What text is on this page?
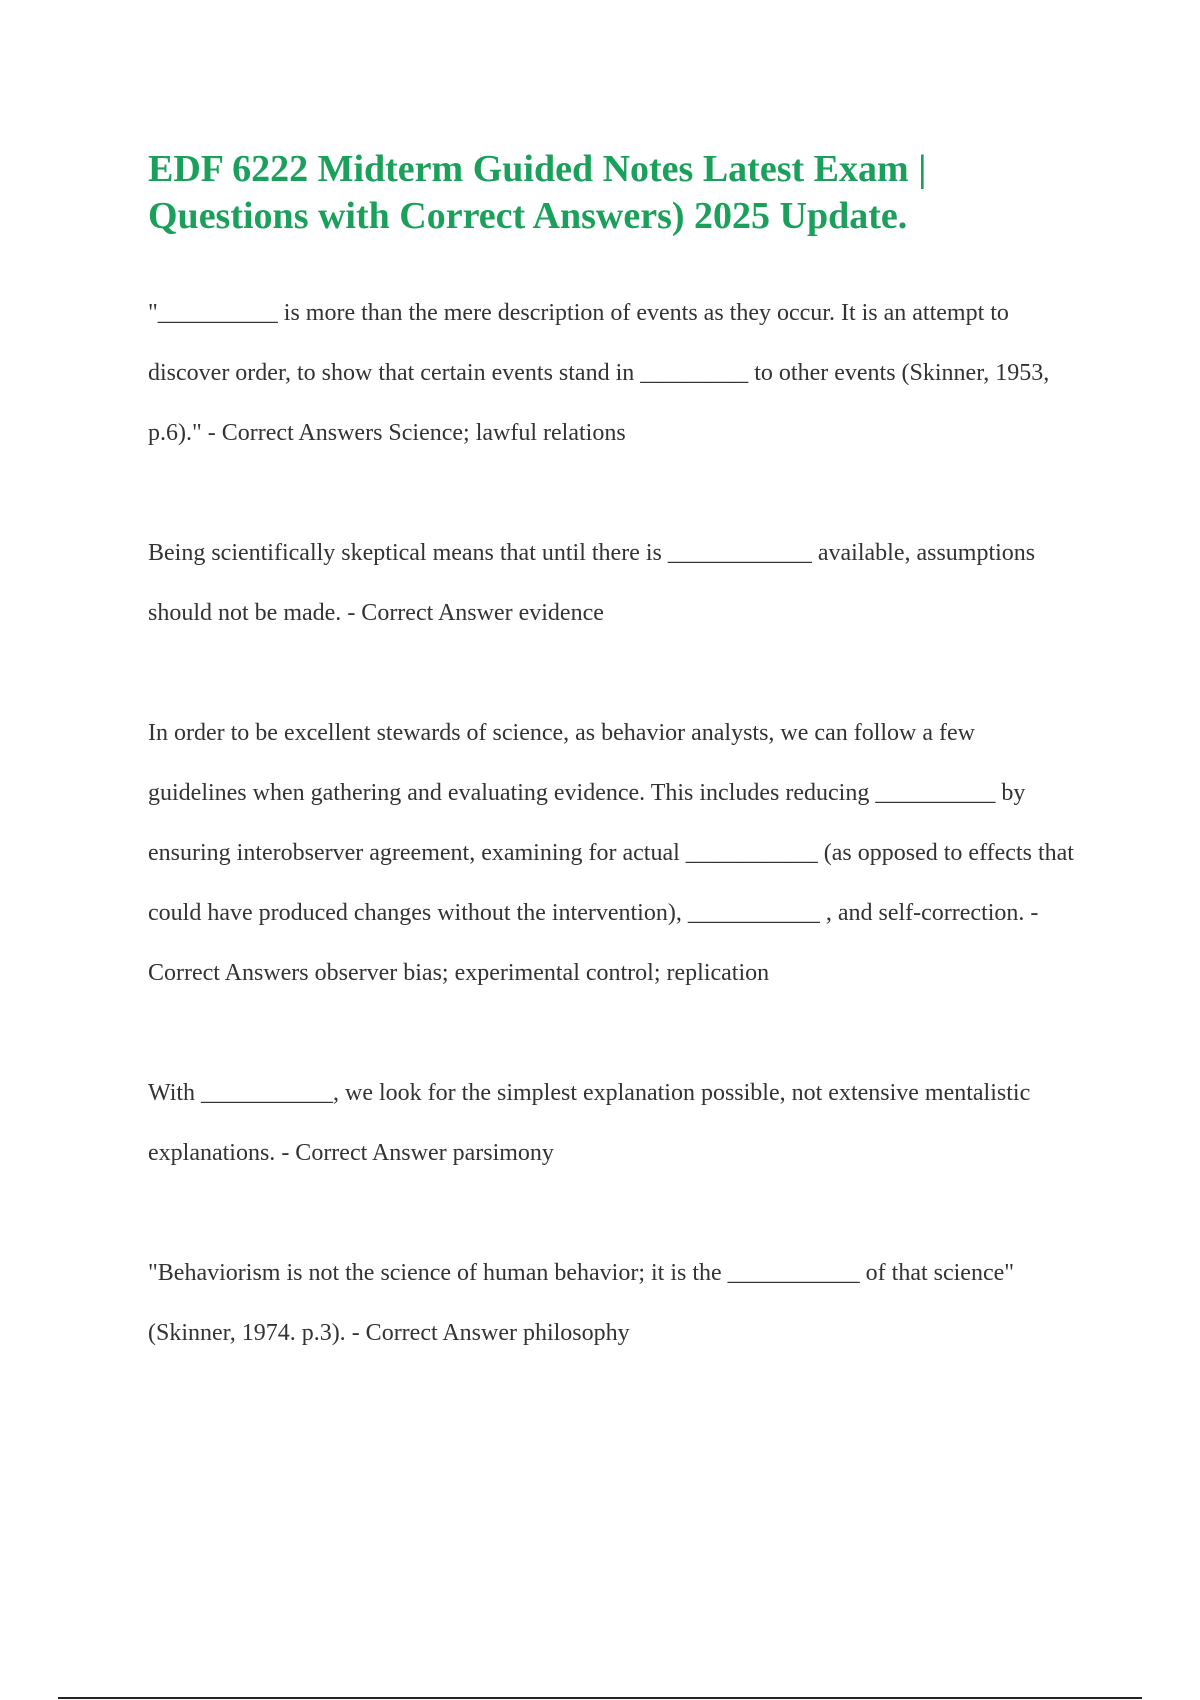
EDF 6222 Midterm Guided Notes Latest Exam | Questions with Correct Answers) 2025 Update.

"__________ is more than the mere description of events as they occur. It is an attempt to discover order, to show that certain events stand in _________ to other events (Skinner, 1953, p.6)." - Correct Answers Science; lawful relations

Being scientifically skeptical means that until there is ____________ available, assumptions should not be made. - Correct Answer evidence

In order to be excellent stewards of science, as behavior analysts, we can follow a few guidelines when gathering and evaluating evidence. This includes reducing __________ by ensuring interobserver agreement, examining for actual ___________ (as opposed to effects that could have produced changes without the intervention), ___________ , and self-correction. - Correct Answers observer bias; experimental control; replication

With ___________, we look for the simplest explanation possible, not extensive mentalistic explanations. - Correct Answer parsimony

"Behaviorism is not the science of human behavior; it is the ___________ of that science" (Skinner, 1974. p.3). - Correct Answer philosophy
